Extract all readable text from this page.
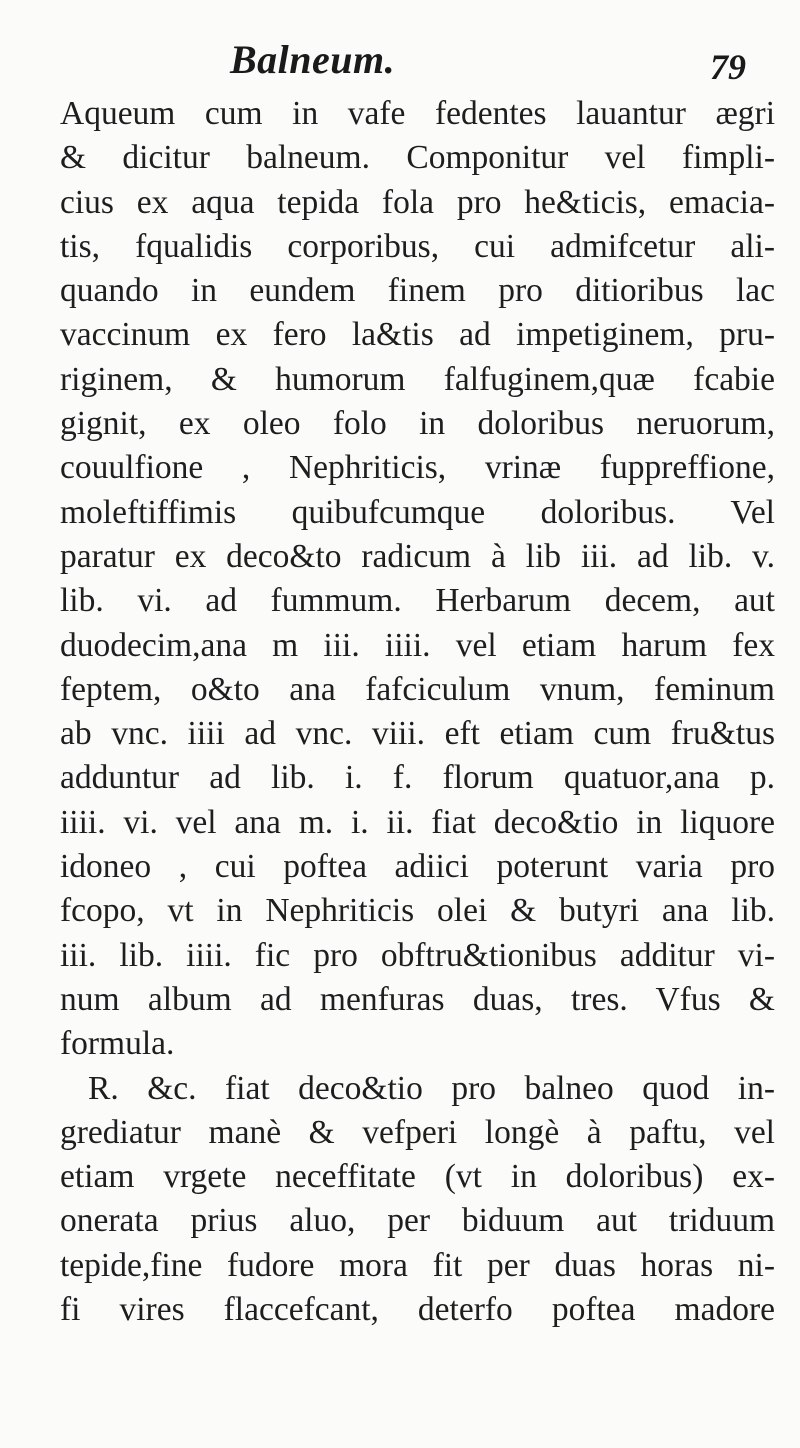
Balneum.	79
Aqueum cum in vafe fedentes lauantur ægri
& dicitur balneum. Componitur vel fimpli-
cius ex aqua tepida fola pro he&ticis, emacia-
tis, fqualidis corporibus, cui admifcetur ali-
quando in eundem finem pro ditioribus lac
vaccinum ex fero la&tis ad impetiginem, pru-
riginem, & humorum falfuginem,quæ fcabie
gignit, ex oleo folo in doloribus neruorum,
couulfione , Nephriticis, vrinæ fuppreffione,
moleftiffimis quibufcumque doloribus. Vel
paratur ex deco&to radicum à lib iii. ad lib. v.
lib. vi. ad fummum. Herbarum decem, aut
duodecim,ana m iii. iiii. vel etiam harum fex
feptem, o&to ana fafciculum vnum, feminum
ab vnc. iiii ad vnc. viii. eft etiam cum fru&tus
adduntur ad lib. i. f. florum quatuor,ana p.
iiii. vi. vel ana m. i. ii. fiat deco&tio in liquore
idoneo , cui poftea adiici poterunt varia pro
fcopo, vt in Nephriticis olei & butyri ana lib.
iii. lib. iiii. fic pro obftru&tionibus additur vi-
num album ad menfuras duas, tres. Vfus &
formula.
R. &c. fiat deco&tio pro balneo quod in-
grediatur manè & vefperi longè à paftu, vel
etiam vrgete neceffitate (vt in doloribus) ex-
onerata prius aluo, per biduum aut triduum
tepide,fine fudore mora fit per duas horas ni-
fi vires flaccefcant, deterfo poftea madore
